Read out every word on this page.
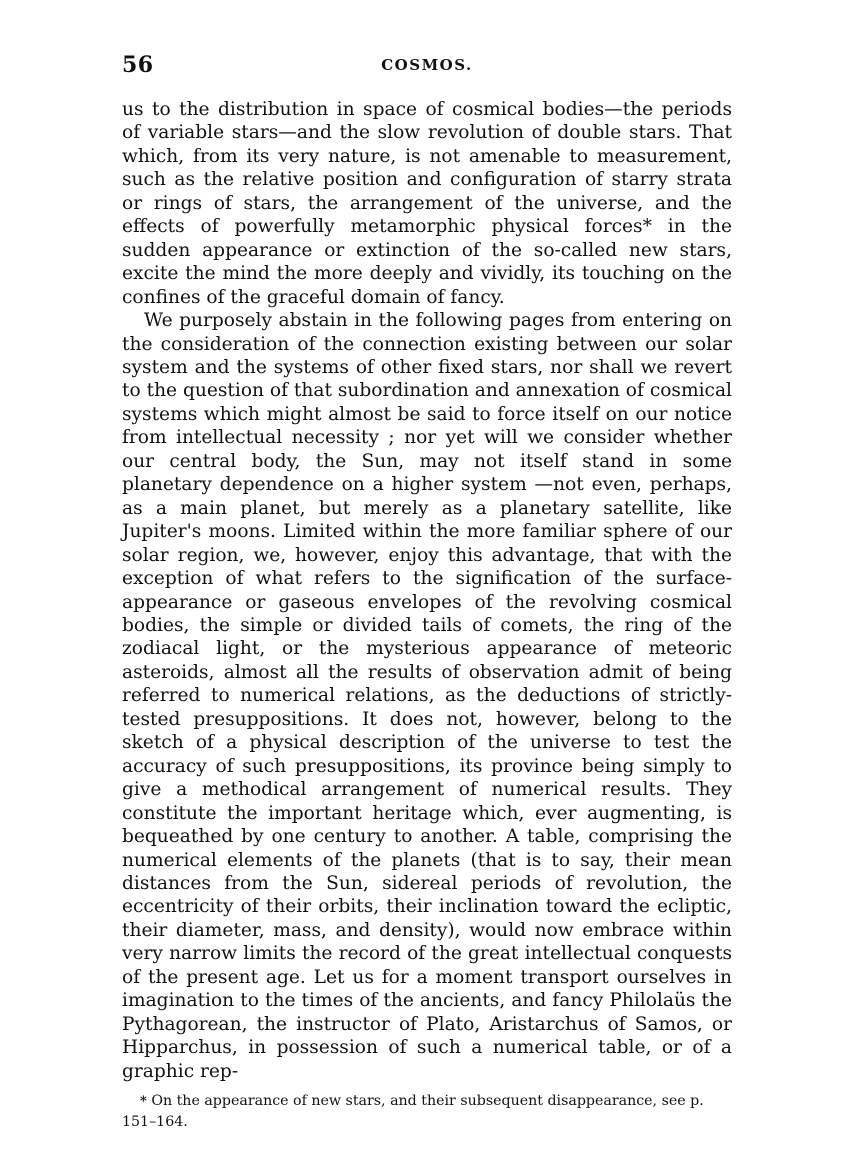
56	COSMOS.

us to the distribution in space of cosmical bodies—the periods of variable stars—and the slow revolution of double stars. That which, from its very nature, is not amenable to measurement, such as the relative position and configuration of starry strata or rings of stars, the arrangement of the universe, and the effects of powerfully metamorphic physical forces* in the sudden appearance or extinction of the so-called new stars, excite the mind the more deeply and vividly, its touching on the confines of the graceful domain of fancy.

We purposely abstain in the following pages from entering on the consideration of the connection existing between our solar system and the systems of other fixed stars, nor shall we revert to the question of that subordination and annexation of cosmical systems which might almost be said to force itself on our notice from intellectual necessity ; nor yet will we consider whether our central body, the Sun, may not itself stand in some planetary dependence on a higher system —not even, perhaps, as a main planet, but merely as a planetary satellite, like Jupiter's moons. Limited within the more familiar sphere of our solar region, we, however, enjoy this advantage, that with the exception of what refers to the signification of the surface-appearance or gaseous envelopes of the revolving cosmical bodies, the simple or divided tails of comets, the ring of the zodiacal light, or the mysterious appearance of meteoric asteroids, almost all the results of observation admit of being referred to numerical relations, as the deductions of strictly-tested presuppositions. It does not, however, belong to the sketch of a physical description of the universe to test the accuracy of such presuppositions, its province being simply to give a methodical arrangement of numerical results. They constitute the important heritage which, ever augmenting, is bequeathed by one century to another. A table, comprising the numerical elements of the planets (that is to say, their mean distances from the Sun, sidereal periods of revolution, the eccentricity of their orbits, their inclination toward the ecliptic, their diameter, mass, and density), would now embrace within very narrow limits the record of the great intellectual conquests of the present age. Let us for a moment transport ourselves in imagination to the times of the ancients, and fancy Philolaüs the Pythagorean, the instructor of Plato, Aristarchus of Samos, or Hipparchus, in possession of such a numerical table, or of a graphic rep-

* On the appearance of new stars, and their subsequent disappearance, see p. 151–164.
